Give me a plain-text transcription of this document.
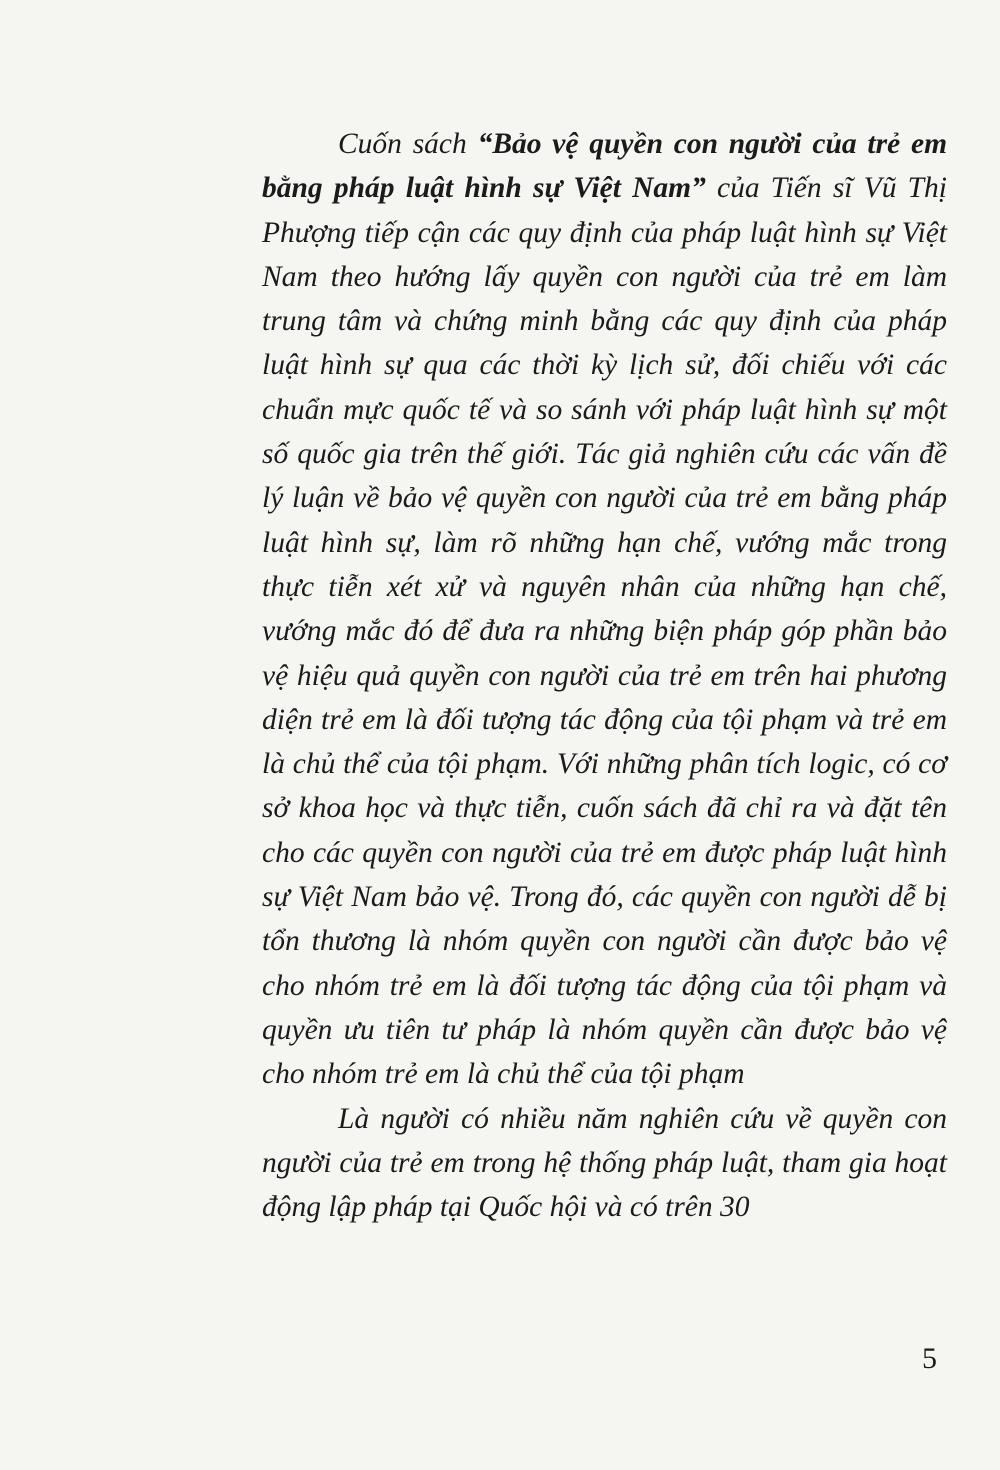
Cuốn sách “Bảo vệ quyền con người của trẻ em bằng pháp luật hình sự Việt Nam” của Tiến sĩ Vũ Thị Phượng tiếp cận các quy định của pháp luật hình sự Việt Nam theo hướng lấy quyền con người của trẻ em làm trung tâm và chứng minh bằng các quy định của pháp luật hình sự qua các thời kỳ lịch sử, đối chiếu với các chuẩn mực quốc tế và so sánh với pháp luật hình sự một số quốc gia trên thế giới. Tác giả nghiên cứu các vấn đề lý luận về bảo vệ quyền con người của trẻ em bằng pháp luật hình sự, làm rõ những hạn chế, vướng mắc trong thực tiễn xét xử và nguyên nhân của những hạn chế, vướng mắc đó để đưa ra những biện pháp góp phần bảo vệ hiệu quả quyền con người của trẻ em trên hai phương diện trẻ em là đối tượng tác động của tội phạm và trẻ em là chủ thể của tội phạm. Với những phân tích logic, có cơ sở khoa học và thực tiễn, cuốn sách đã chỉ ra và đặt tên cho các quyền con người của trẻ em được pháp luật hình sự Việt Nam bảo vệ. Trong đó, các quyền con người dễ bị tổn thương là nhóm quyền con người cần được bảo vệ cho nhóm trẻ em là đối tượng tác động của tội phạm và quyền ưu tiên tư pháp là nhóm quyền cần được bảo vệ cho nhóm trẻ em là chủ thể của tội phạm

Là người có nhiều năm nghiên cứu về quyền con người của trẻ em trong hệ thống pháp luật, tham gia hoạt động lập pháp tại Quốc hội và có trên 30

5
